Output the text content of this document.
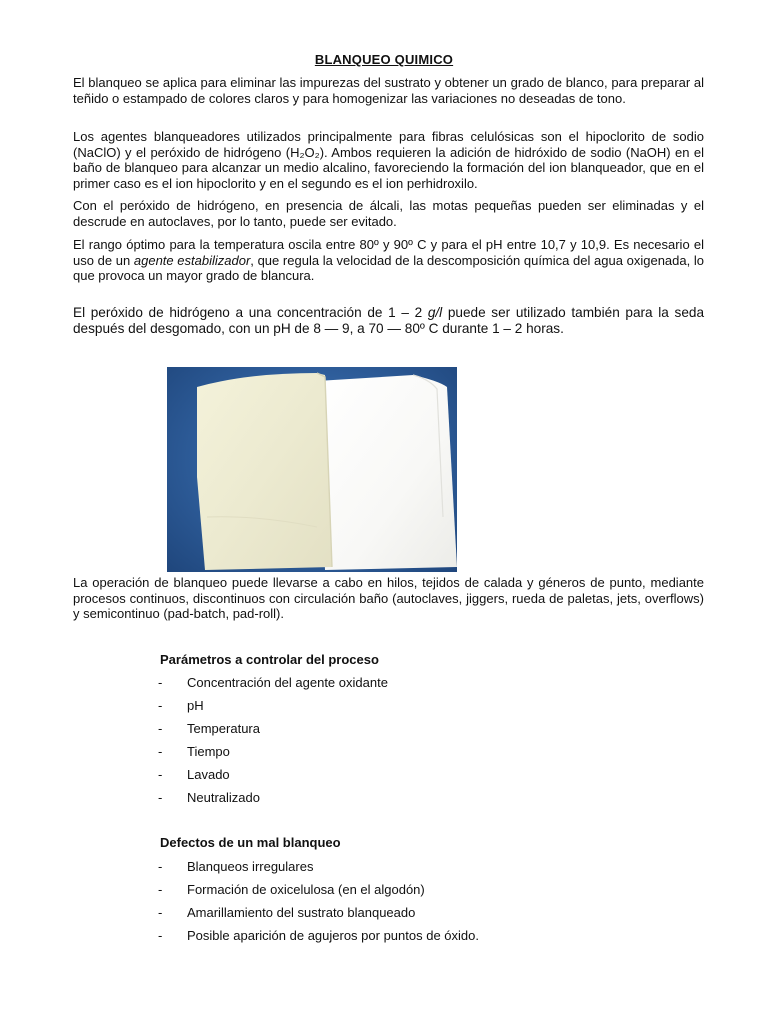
BLANQUEO QUIMICO

El blanqueo se aplica para eliminar las impurezas del sustrato y obtener un grado de blanco, para preparar al teñido o estampado de colores claros y para homogenizar las variaciones no deseadas de tono.

Los agentes blanqueadores utilizados principalmente para fibras celulósicas son el hipoclorito de sodio (NaClO) y el peróxido de hidrógeno (H₂O₂). Ambos requieren la adición de hidróxido de sodio (NaOH) en el baño de blanqueo para alcanzar un medio alcalino, favoreciendo la formación del ion blanqueador, que en el primer caso es el ion hipoclorito y en el segundo es el ion perhidroxilo.

Con el peróxido de hidrógeno, en presencia de álcali, las motas pequeñas pueden ser eliminadas y el descrude en autoclaves, por lo tanto, puede ser evitado.

El rango óptimo para la temperatura oscila entre 80º y 90º C y para el pH entre 10,7 y 10,9. Es necesario el uso de un agente estabilizador, que regula la velocidad de la descomposición química del agua oxigenada, lo que provoca un mayor grado de blancura.

El peróxido de hidrógeno a una concentración de 1 – 2 g/l puede ser utilizado también para la seda después del desgomado, con un pH de 8 — 9, a 70 — 80º C durante 1 – 2 horas.

La operación de blanqueo puede llevarse a cabo en hilos, tejidos de calada y géneros de punto, mediante procesos continuos, discontinuos con circulación baño (autoclaves, jiggers, rueda de paletas, jets, overflows) y semicontinuo (pad-batch, pad-roll).

Parámetros a controlar del proceso
-	Concentración del agente oxidante
-	pH
-	Temperatura
-	Tiempo
-	Lavado
-	Neutralizado
Defectos de un mal blanqueo
-	Blanqueos irregulares
-	Formación de oxicelulosa (en el algodón)
-	Amarillamiento del sustrato blanqueado
-	Posible aparición de agujeros por puntos de óxido.
